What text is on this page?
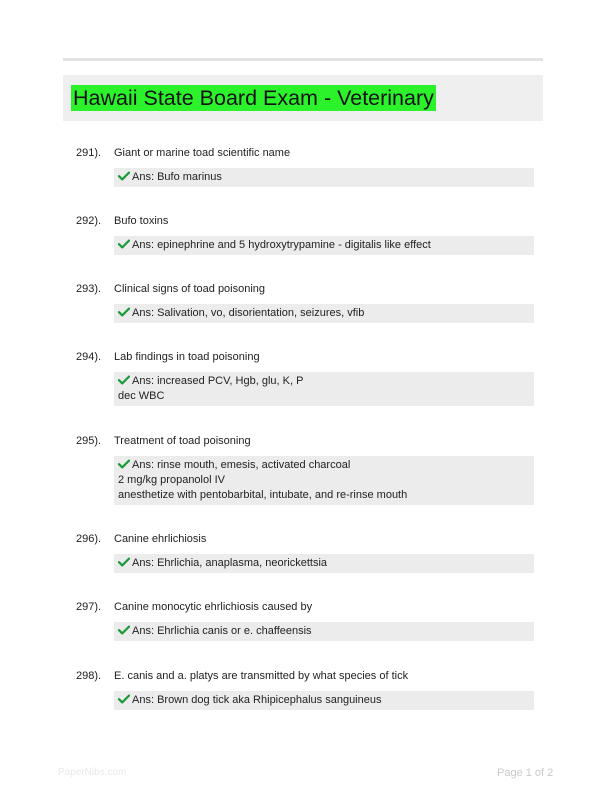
Hawaii State Board Exam - Veterinary
291). Giant or marine toad scientific name
Ans: Bufo marinus
292). Bufo toxins
Ans: epinephrine and 5 hydroxytrypamine - digitalis like effect
293). Clinical signs of toad poisoning
Ans: Salivation, vo, disorientation, seizures, vfib
294). Lab findings in toad poisoning
Ans: increased PCV, Hgb, glu, K, P
dec WBC
295). Treatment of toad poisoning
Ans: rinse mouth, emesis, activated charcoal
2 mg/kg propanolol IV
anesthetize with pentobarbital, intubate, and re-rinse mouth
296). Canine ehrlichiosis
Ans: Ehrlichia, anaplasma, neorickettsia
297). Canine monocytic ehrlichiosis caused by
Ans: Ehrlichia canis or e. chaffeensis
298). E. canis and a. platys are transmitted by what species of tick
Ans: Brown dog tick aka Rhipicephalus sanguineus
PaperNibs.com	Page 1 of 2
